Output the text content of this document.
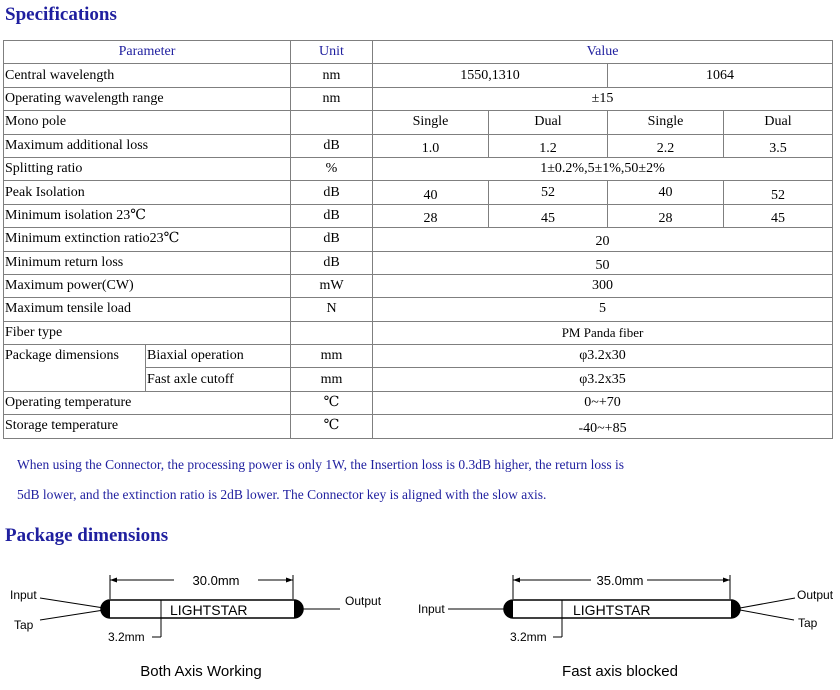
Specifications
Parameter		Unit	Value			
Central wavelength		nm	1550,1310		1064	
Operating wavelength range		nm	±15			
Mono pole			Single	Dual	Single	Dual
Maximum additional loss		dB	1.0	1.2	2.2	3.5
Splitting ratio		%	1±0.2%,5±1%,50±2%			
Peak Isolation		dB	40	52	40	52
Minimum isolation 23℃		dB	28	45	28	45
Minimum extinction ratio23℃		dB	20			
Minimum return loss		dB	50			
Maximum power(CW)		mW	300			
Maximum tensile load		N	5			
Fiber type			PM Panda fiber			
Package dimensions	Biaxial operation	mm	φ3.2x30			
	Fast axle cutoff	mm	φ3.2x35			
Operating temperature		℃	0~+70			
Storage temperature		℃	-40~+85			
When using the Connector, the processing power is only 1W, the Insertion loss is 0.3dB higher, the return loss is
5dB lower, and the extinction ratio is 2dB lower. The Connector key is aligned with the slow axis.
Package dimensions
30.0mm
Input
Tap
Output
LIGHTSTAR
3.2mm
Both Axis Working
35.0mm
Input
Output
Tap
LIGHTSTAR
3.2mm
Fast axis blocked
